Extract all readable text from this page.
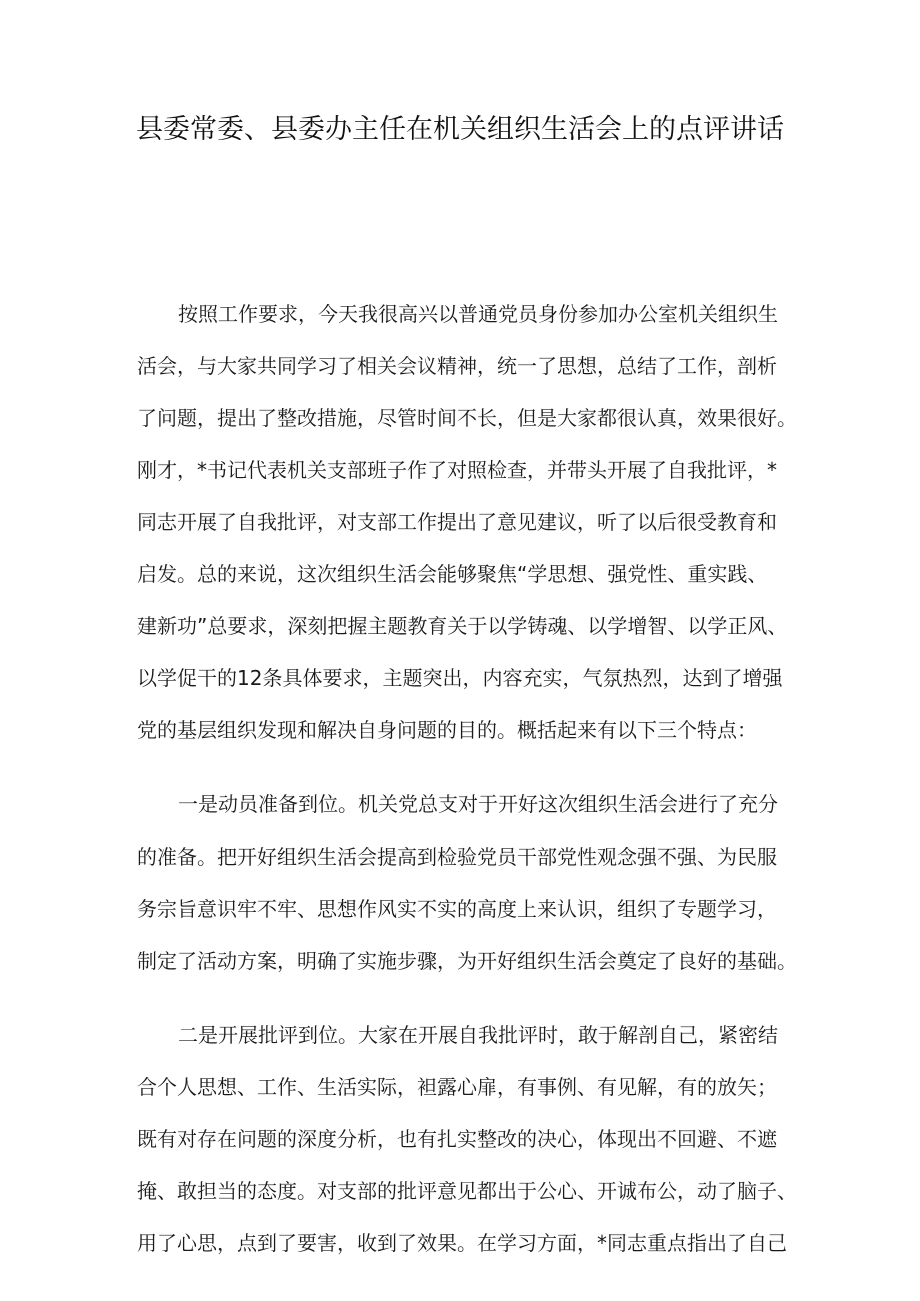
县委常委、县委办主任在机关组织生活会上的点评讲话

按照工作要求，今天我很高兴以普通党员身份参加办公室机关组织生

活会，与大家共同学习了相关会议精神，统一了思想，总结了工作，剖析

了问题，提出了整改措施，尽管时间不长，但是大家都很认真，效果很好。

刚才，*书记代表机关支部班子作了对照检查，并带头开展了自我批评，*

同志开展了自我批评，对支部工作提出了意见建议，听了以后很受教育和

启发。总的来说，这次组织生活会能够聚焦“学思想、强党性、重实践、

建新功”总要求，深刻把握主题教育关于以学铸魂、以学增智、以学正风、

以学促干的12条具体要求，主题突出，内容充实，气氛热烈，达到了增强

党的基层组织发现和解决自身问题的目的。概括起来有以下三个特点：

一是动员准备到位。机关党总支对于开好这次组织生活会进行了充分

的准备。把开好组织生活会提高到检验党员干部党性观念强不强、为民服

务宗旨意识牢不牢、思想作风实不实的高度上来认识，组织了专题学习，

制定了活动方案，明确了实施步骤，为开好组织生活会奠定了良好的基础。

二是开展批评到位。大家在开展自我批评时，敢于解剖自己，紧密结

合个人思想、工作、生活实际，袒露心扉，有事例、有见解，有的放矢；

既有对存在问题的深度分析，也有扎实整改的决心，体现出不回避、不遮

掩、敢担当的态度。对支部的批评意见都出于公心、开诚布公，动了脑子、

用了心思，点到了要害，收到了效果。在学习方面，*同志重点指出了自己
